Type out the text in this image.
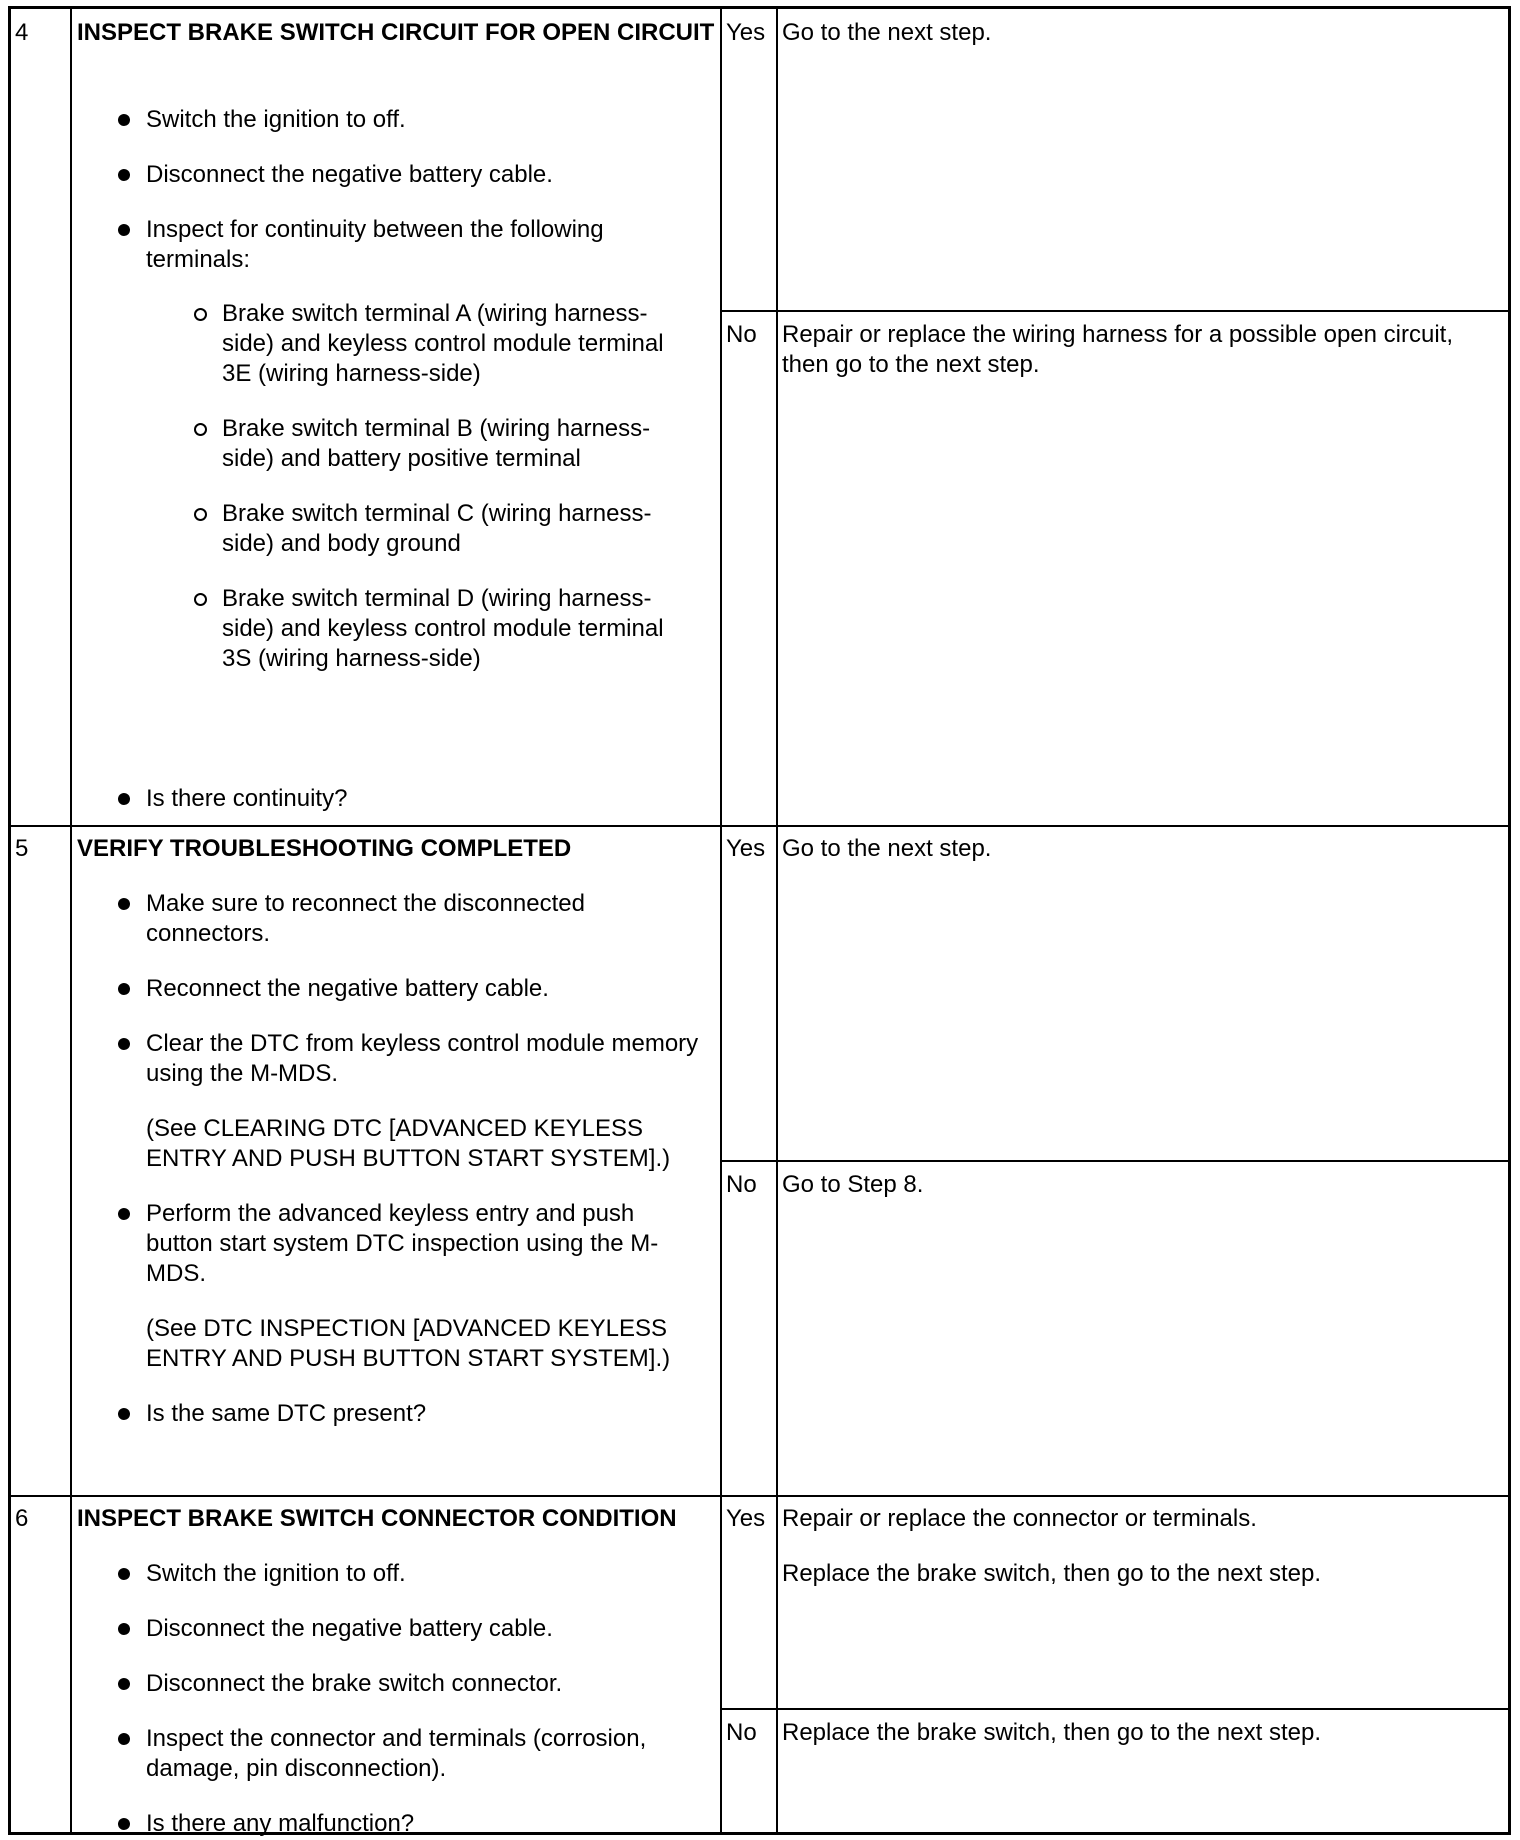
4 INSPECT BRAKE SWITCH CIRCUIT FOR OPEN CIRCUIT
Switch the ignition to off.
Disconnect the negative battery cable.
Inspect for continuity between the following terminals:
Brake switch terminal A (wiring harness-side) and keyless control module terminal 3E (wiring harness-side)
Brake switch terminal B (wiring harness-side) and battery positive terminal
Brake switch terminal C (wiring harness-side) and body ground
Brake switch terminal D (wiring harness-side) and keyless control module terminal 3S (wiring harness-side)
Is there continuity?
Yes Go to the next step.
No Repair or replace the wiring harness for a possible open circuit, then go to the next step.
5 VERIFY TROUBLESHOOTING COMPLETED
Make sure to reconnect the disconnected connectors.
Reconnect the negative battery cable.
Clear the DTC from keyless control module memory using the M-MDS.
(See CLEARING DTC [ADVANCED KEYLESS ENTRY AND PUSH BUTTON START SYSTEM].)
Perform the advanced keyless entry and push button start system DTC inspection using the M-MDS.
(See DTC INSPECTION [ADVANCED KEYLESS ENTRY AND PUSH BUTTON START SYSTEM].)
Is the same DTC present?
Yes Go to the next step.
No Go to Step 8.
6 INSPECT BRAKE SWITCH CONNECTOR CONDITION
Switch the ignition to off.
Disconnect the negative battery cable.
Disconnect the brake switch connector.
Inspect the connector and terminals (corrosion, damage, pin disconnection).
Is there any malfunction?
Yes Repair or replace the connector or terminals.
Replace the brake switch, then go to the next step.
No Replace the brake switch, then go to the next step.
